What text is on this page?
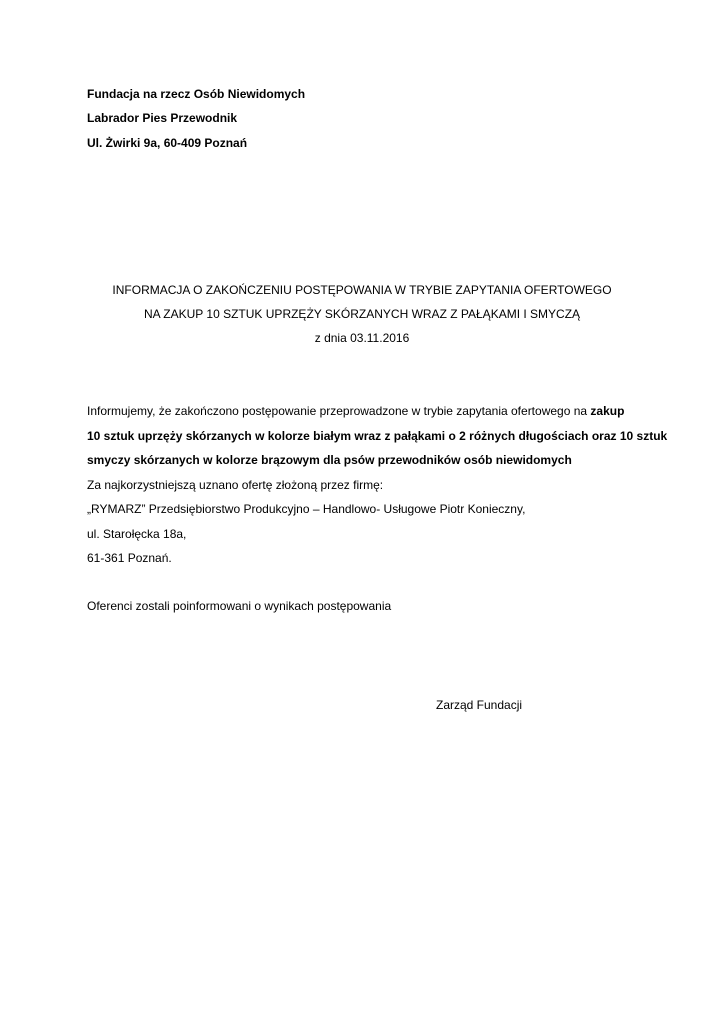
Fundacja na rzecz Osób Niewidomych
Labrador Pies Przewodnik
Ul. Żwirki 9a, 60-409 Poznań
INFORMACJA O ZAKOŃCZENIU POSTĘPOWANIA W TRYBIE ZAPYTANIA OFERTOWEGO
NA ZAKUP 10 SZTUK UPRZĘŻY SKÓRZANYCH WRAZ Z PAŁĄKAMI I SMYCZĄ
z dnia 03.11.2016
Informujemy, że zakończono postępowanie przeprowadzone w trybie zapytania ofertowego na zakup
10 sztuk uprzęży skórzanych w kolorze białym wraz z pałąkami o 2 różnych długościach oraz 10 sztuk
smyczy skórzanych w kolorze brązowym dla psów przewodników osób niewidomych
Za najkorzystniejszą uznano ofertę złożoną przez firmę:
„RYMARZ” Przedsiębiorstwo Produkcyjno – Handlowo- Usługowe Piotr Konieczny,
ul. Starołęcka 18a,
61-361 Poznań.
Oferenci zostali poinformowani o wynikach postępowania
Zarząd Fundacji
